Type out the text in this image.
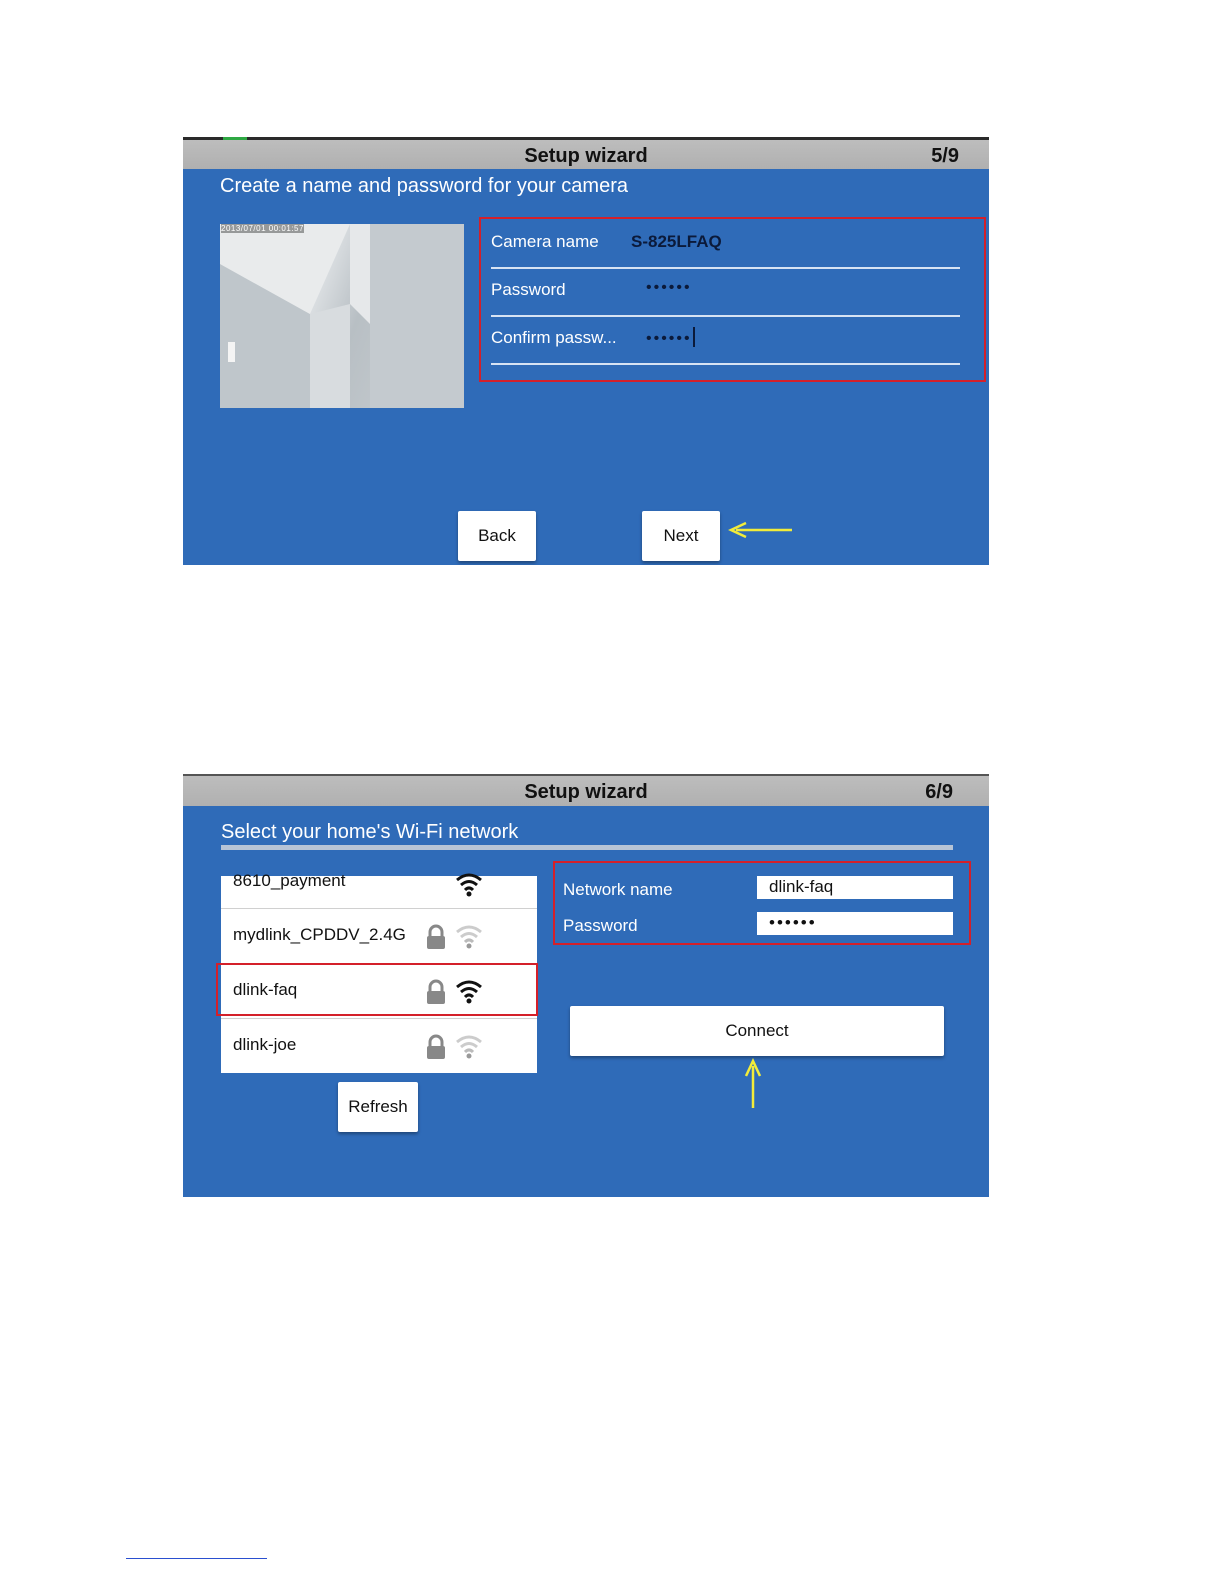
Setup wizard	5/9
Create a name and password for your camera
2013/07/01 00:01:57
Camera name S-825LFAQ
Password	••••••
Confirm passw... ••••••
Back	Next
Setup wizard	6/9
Select your home's Wi-Fi network
8610_payment
mydlink_CPDDV_2.4G
dlink-faq
dlink-joe
Refresh
Network name	dlink-faq
Password	••••••
Connect
